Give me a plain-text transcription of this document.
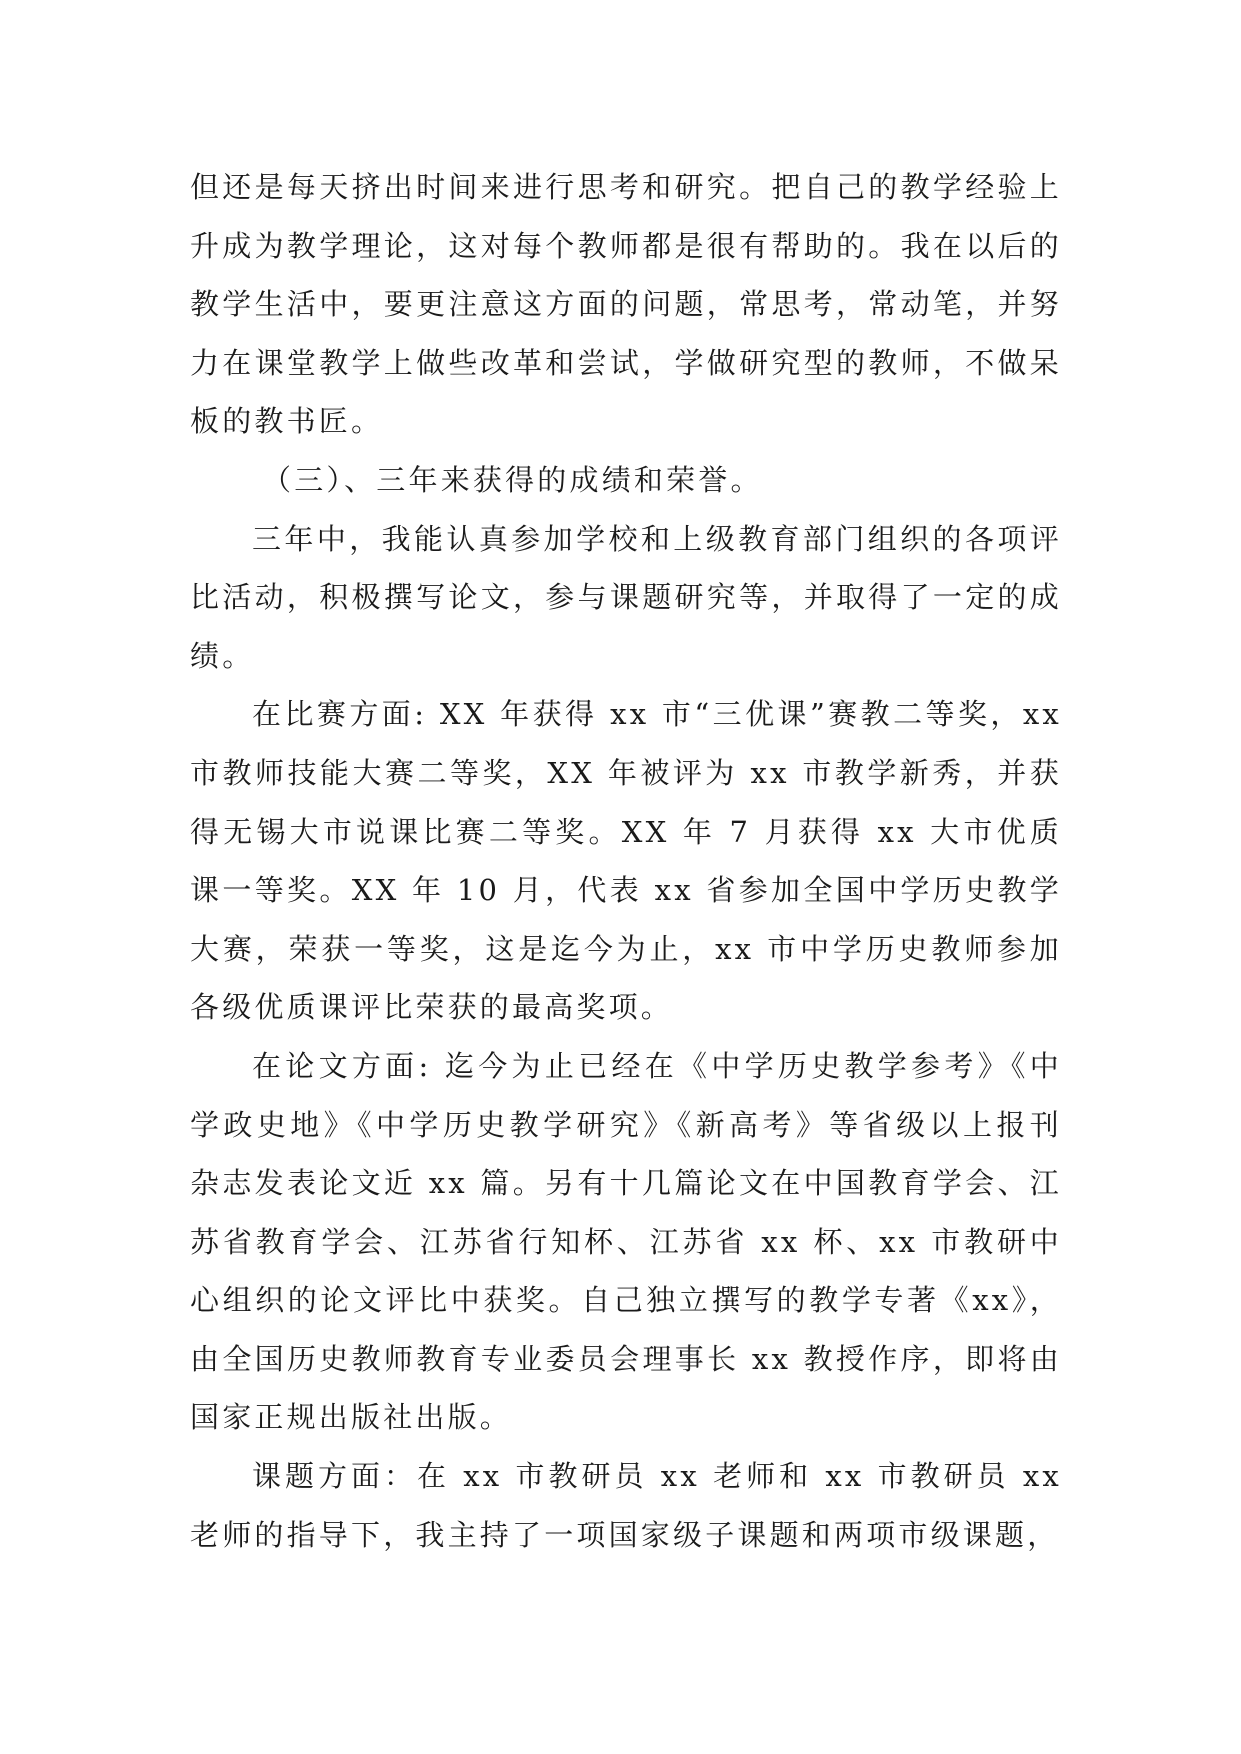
但还是每天挤出时间来进行思考和研究。把自己的教学经验上升成为教学理论，这对每个教师都是很有帮助的。我在以后的教学生活中，要更注意这方面的问题，常思考，常动笔，并努力在课堂教学上做些改革和尝试，学做研究型的教师，不做呆板的教书匠。

（三）、三年来获得的成绩和荣誉。

三年中，我能认真参加学校和上级教育部门组织的各项评比活动，积极撰写论文，参与课题研究等，并取得了一定的成绩。

在比赛方面: XX 年获得 xx 市“三优课”赛教二等奖，xx 市教师技能大赛二等奖，XX 年被评为 xx 市教学新秀，并获得无锡大市说课比赛二等奖。XX 年 7 月获得 xx 大市优质课一等奖。XX 年 10 月，代表 xx 省参加全国中学历史教学大赛，荣获一等奖，这是迄今为止，xx 市中学历史教师参加各级优质课评比荣获的最高奖项。

在论文方面: 迄今为止已经在《中学历史教学参考》《中学政史地》《中学历史教学研究》《新高考》等省级以上报刊杂志发表论文近 xx 篇。另有十几篇论文在中国教育学会、江苏省教育学会、江苏省行知杯、江苏省 xx 杯、xx 市教研中心组织的论文评比中获奖。自己独立撰写的教学专著《xx》，由全国历史教师教育专业委员会理事长 xx 教授作序，即将由国家正规出版社出版。

课题方面：在 xx 市教研员 xx 老师和 xx 市教研员 xx 老师的指导下，我主持了一项国家级子课题和两项市级课题，
